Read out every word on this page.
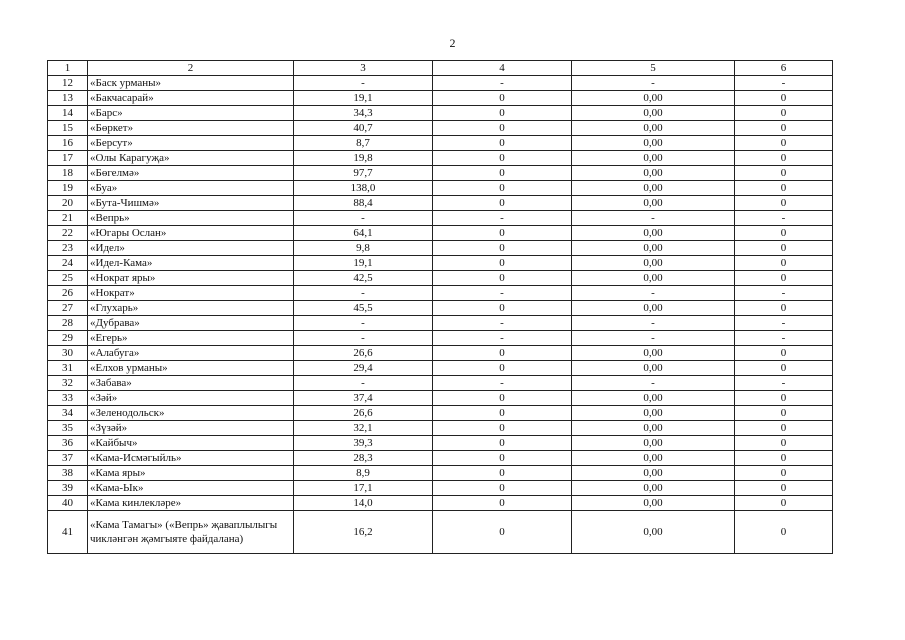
2
1	2	3	4	5	6
12	«Баск урманы»	-	-	-	-
13	«Бакчасарай»	19,1	0	0,00	0
14	«Барс»	34,3	0	0,00	0
15	«Бөркет»	40,7	0	0,00	0
16	«Берсут»	8,7	0	0,00	0
17	«Олы Карагуҗа»	19,8	0	0,00	0
18	«Бөгелмә»	97,7	0	0,00	0
19	«Буа»	138,0	0	0,00	0
20	«Бута-Чишмә»	88,4	0	0,00	0
21	«Вепрь»	-	-	-	-
22	«Югары Ослан»	64,1	0	0,00	0
23	«Идел»	9,8	0	0,00	0
24	«Идел-Кама»	19,1	0	0,00	0
25	«Нократ яры»	42,5	0	0,00	0
26	«Нократ»	-	-	-	-
27	«Глухарь»	45,5	0	0,00	0
28	«Дубрава»	-	-	-	-
29	«Егерь»	-	-	-	-
30	«Алабуга»	26,6	0	0,00	0
31	«Елхов урманы»	29,4	0	0,00	0
32	«Забава»	-	-	-	-
33	«Зәй»	37,4	0	0,00	0
34	«Зеленодольск»	26,6	0	0,00	0
35	«Зүзәй»	32,1	0	0,00	0
36	«Кайбыч»	39,3	0	0,00	0
37	«Кама-Исмәгыйль»	28,3	0	0,00	0
38	«Кама яры»	8,9	0	0,00	0
39	«Кама-Ык»	17,1	0	0,00	0
40	«Кама кинлекләре»	14,0	0	0,00	0
41	«Кама Тамагы» («Вепрь» җаваплылыгы чикләнгән җәмгыяте файдалана)	16,2	0	0,00	0
